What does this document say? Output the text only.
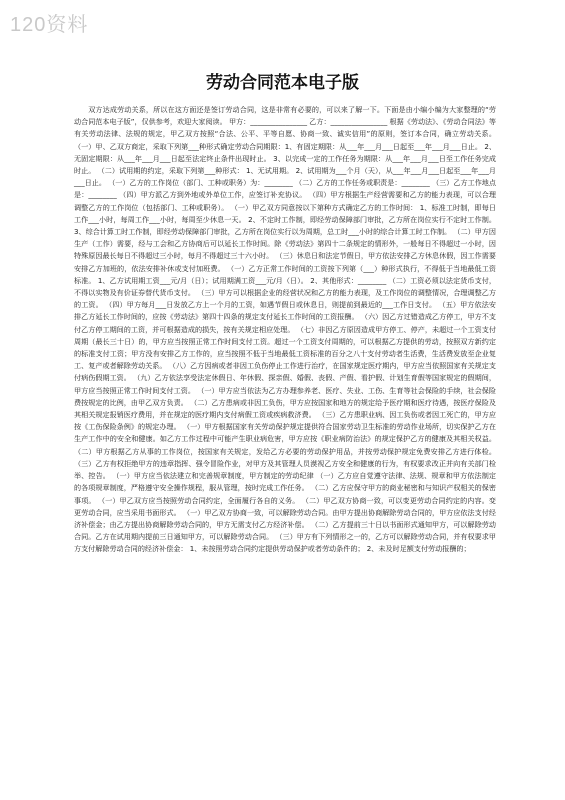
120资料
劳动合同范本电子版

双方达成劳动关系，所以在这方面还是签订劳动合同，这是非常有必要的，可以来了解一下。下面是由小编小编为大家整理的“劳动合同范本电子版”，仅供参考，欢迎大家阅读。 甲方：________________ 乙方：________________ 根据《劳动法》、《劳动合同法》等有关劳动法律、法规的规定，甲乙双方按照“合法、公平、平等自愿、协商一致、诚实信用”的原则，签订本合同，确立劳动关系。 （一）甲、乙双方商定，采取下列第___种形式确定劳动合同期限：1、有固定期限：从___年___月___日起至___年___月___日止。 2、无固定期限：从___年___月___日起至法定终止条件出现时止。 3、以完成一定的工作任务为期限：从___年___月___日至工作任务完成时止。 （二）试用期的约定，采取下列第___种形式： 1、无试用期。 2、试用期为___个月（天），从___年___月___日起至___年___月___日止。 （一）乙方的工作岗位（部门、工种或职务）为：________ （二）乙方的工作任务或职责是：________ （三）乙方工作地点是：________ （四）甲方派乙方到外地或外单位工作，应签订补充协议。 （四）甲方根据生产经营需要和乙方的能力表现，可以合理调整乙方的工作岗位（包括部门、工种或职务）。 （一）甲乙双方同意按以下第种方式确定乙方的工作时间： 1、标准工时制，即每日工作___小时，每周工作___小时，每周至少休息一天。 2、不定时工作制，即经劳动保障部门审批，乙方所在岗位实行不定时工作制。 3、综合计算工时工作制，即经劳动保障部门审批，乙方所在岗位实行以为周期，总工时___小时的综合计算工时工作制。 （二）甲方因生产（工作）需要，经与工会和乙方协商后可以延长工作时间。除《劳动法》第四十二条规定的情形外，一般每日不得超过一小时，因特殊原因最长每日不得超过三小时，每月不得超过三十六小时。 （三）休息日和法定节假日，甲方依法安排乙方休息休假，因工作需要安排乙方加班的，依法安排补休或支付加班费。 （一）乙方正常工作时间的工资按下列第（___）种形式执行，不得低于当地最低工资标准。 1、乙方试用期工资___元/月（日）；试用期满工资___元/月（日）。 2、其他形式：________ （二）工资必须以法定货币支付，不得以实物及有价证券替代货币支付。 （三）甲方可以根据企业的经营状况和乙方的能力表现，及工作岗位的调整情况，合理调整乙方的工资。 （四）甲方每月___日发放乙方上一个月的工资，如遇节假日或休息日，则提前到最近的___工作日支付。 （五）甲方依法安排乙方延长工作时间的，应按《劳动法》第四十四条的规定支付延长工作时间的工资报酬。 （六）因乙方过错造成乙方停工，甲方不支付乙方停工期间的工资，并可根据造成的损失，按有关规定相应处理。 （七）非因乙方原因造成甲方停工、停产，未超过一个工资支付周期（最长三十日）的，甲方应当按照正常工作时间支付工资。超过一个工资支付周期的，可以根据乙方提供的劳动，按照双方新约定的标准支付工资；甲方没有安排乙方工作的，应当按照不低于当地最低工资标准的百分之八十支付劳动者生活费，生活费发放至企业复工、复产或者解除劳动关系。 （八）乙方因病或者非因工负伤停止工作进行治疗，在国家规定医疗期内，甲方应当依照国家有关规定支付病伤假期工资。 （九）乙方依法享受法定休假日、年休假、探亲假、婚假、丧假、产假、看护假、计划生育假等国家规定的假期间，甲方应当按照正常工作时间支付工资。 （一）甲方应当依法为乙方办理参养老、医疗、失业、工伤、生育等社会保险的手续，社会保险费按规定的比例，由甲乙双方负责。 （二）乙方患病或非因工负伤，甲方应按国家和地方的规定给予医疗期和医疗待遇，按医疗保险及其相关规定报销医疗费用，并在规定的医疗期内支付病假工资或疾病救济费。 （三）乙方患职业病、因工负伤或者因工死亡的，甲方应按《工伤保险条例》的规定办理。 （一）甲方根据国家有关劳动保护规定提供符合国家劳动卫生标准的劳动作业场所，切实保护乙方在生产工作中的安全和健康。如乙方工作过程中可能产生职业病危害，甲方应按《职业病防治法》的规定保护乙方的健康及其相关权益。 （二）甲方根据乙方从事的工作岗位，按国家有关规定，发给乙方必要的劳动保护用品，并按劳动保护规定免费安排乙方进行体检。 （三）乙方有权拒绝甲方的违章指挥、强令冒险作业，对甲方及其管理人员漠视乙方安全和健康的行为，有权要求改正并向有关部门检举、控告。 （一）甲方应当依法建立和完善规章制度，甲方制定的劳动纪律 （一）乙方应自觉遵守法律、法规、规章和甲方依法制定的各项规章制度，严格遵守安全操作规程，服从管理，按时完成工作任务。 （二）乙方应保守甲方的商业秘密和与知识产权相关的保密事项。 （一）甲乙双方应当按照劳动合同约定，全面履行各自的义务。 （二）甲乙双方协商一致，可以变更劳动合同约定的内容。变更劳动合同，应当采用书面形式。 （一）甲乙双方协商一致，可以解除劳动合同。由甲方提出协商解除劳动合同的，甲方应依法支付经济补偿金；由乙方提出协商解除劳动合同的，甲方无需支付乙方经济补偿。 （二）乙方提前三十日以书面形式通知甲方，可以解除劳动合同。乙方在试用期内提前三日通知甲方，可以解除劳动合同。 （三）甲方有下列情形之一的，乙方可以解除劳动合同，并有权要求甲方支付解除劳动合同的经济补偿金： 1、未按照劳动合同约定提供劳动保护或者劳动条件的； 2、未及时足额支付劳动报酬的；
